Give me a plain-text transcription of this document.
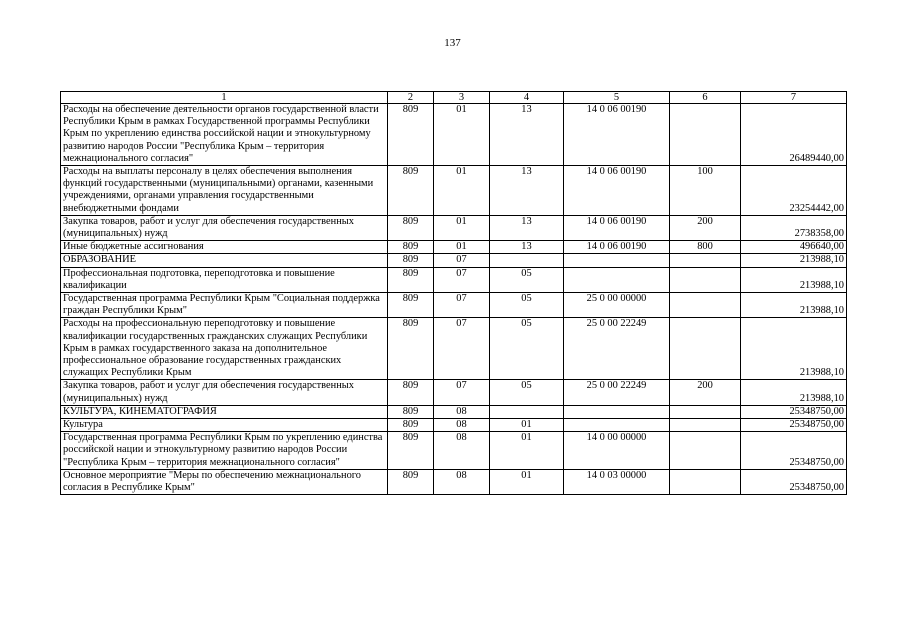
137
1	2	3	4	5	6	7
Расходы на обеспечение деятельности органов государственной власти Республики Крым в рамках Государственной программы Республики Крым по укреплению единства российской нации и этнокультурному развитию народов России "Республика Крым – территория межнационального согласия"	809	01	13	14 0 06 00190		26489440,00
Расходы на выплаты персоналу в целях обеспечения выполнения функций государственными (муниципальными) органами, казенными учреждениями, органами управления государственными внебюджетными фондами	809	01	13	14 0 06 00190	100	23254442,00
Закупка товаров, работ и услуг для обеспечения государственных (муниципальных) нужд	809	01	13	14 0 06 00190	200	2738358,00
Иные бюджетные ассигнования	809	01	13	14 0 06 00190	800	496640,00
ОБРАЗОВАНИЕ	809	07				213988,10
Профессиональная подготовка, переподготовка и повышение квалификации	809	07	05			213988,10
Государственная программа Республики Крым "Социальная поддержка граждан Республики Крым"	809	07	05	25 0 00 00000		213988,10
Расходы на профессиональную переподготовку и повышение квалификации государственных гражданских служащих Республики Крым в рамках государственного заказа на дополнительное профессиональное образование государственных гражданских служащих Республики Крым	809	07	05	25 0 00 22249		213988,10
Закупка товаров, работ и услуг для обеспечения государственных (муниципальных) нужд	809	07	05	25 0 00 22249	200	213988,10
КУЛЬТУРА, КИНЕМАТОГРАФИЯ	809	08				25348750,00
Культура	809	08	01			25348750,00
Государственная программа Республики Крым по укреплению единства российской нации и этнокультурному развитию народов России "Республика Крым – территория межнационального согласия"	809	08	01	14 0 00 00000		25348750,00
Основное мероприятие "Меры по обеспечению межнационального согласия в Республике Крым"	809	08	01	14 0 03 00000		25348750,00
